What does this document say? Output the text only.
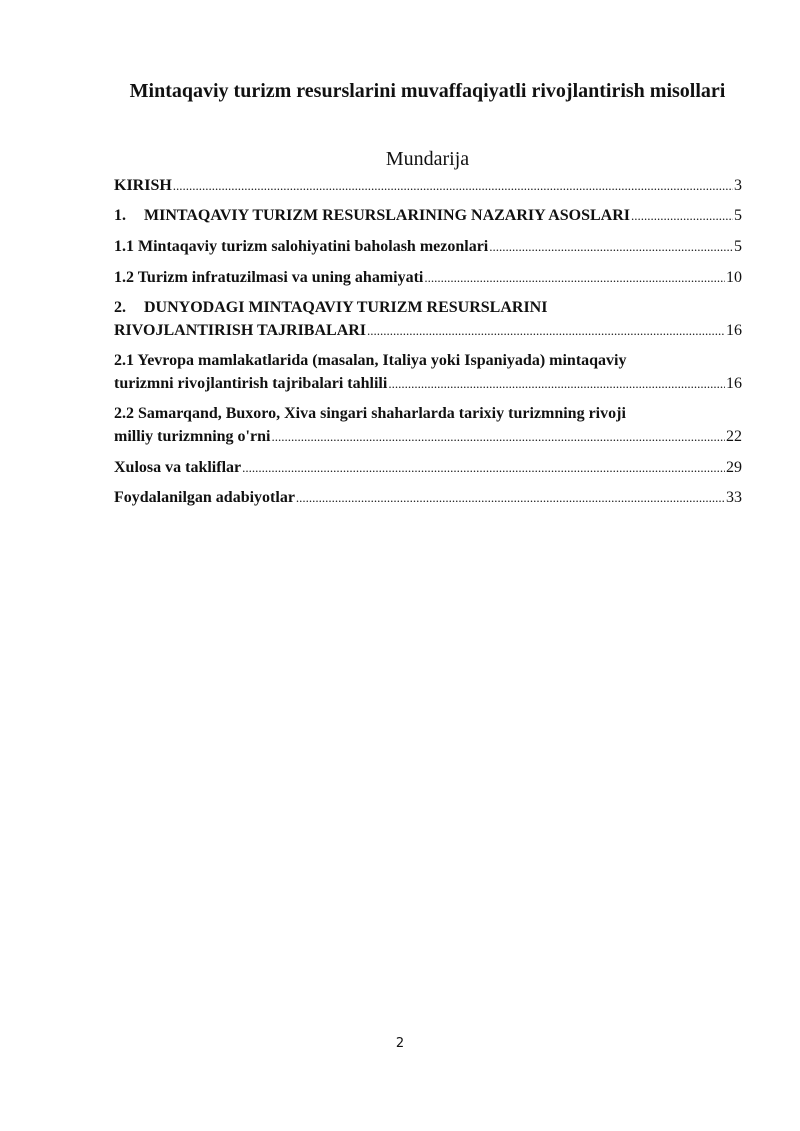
Mintaqaviy turizm resurslarini muvaffaqiyatli rivojlantirish misollari
Mundarija
KIRISH .....	3
1. MINTAQAVIY TURIZM RESURSLARINING NAZARIY ASOSLARI .....	5
1.1 Mintaqaviy turizm salohiyatini baholash mezonlari .....	5
1.2 Turizm infratuzilmasi va uning ahamiyati .....	10
2. DUNYODAGI MINTAQAVIY TURIZM RESURSLARINI
RIVOJLANTIRISH TAJRIBALARI .....	16
2.1 Yevropa mamlakatlarida (masalan, Italiya yoki Ispaniyada) mintaqaviy
turizmni rivojlantirish tajribalari tahlili .....	16
2.2 Samarqand, Buxoro, Xiva singari shaharlarda tarixiy turizmning rivoji
milliy turizmning o'rni .....	22
Xulosa va takliflar .....	29
Foydalanilgan adabiyotlar .....	33
2
